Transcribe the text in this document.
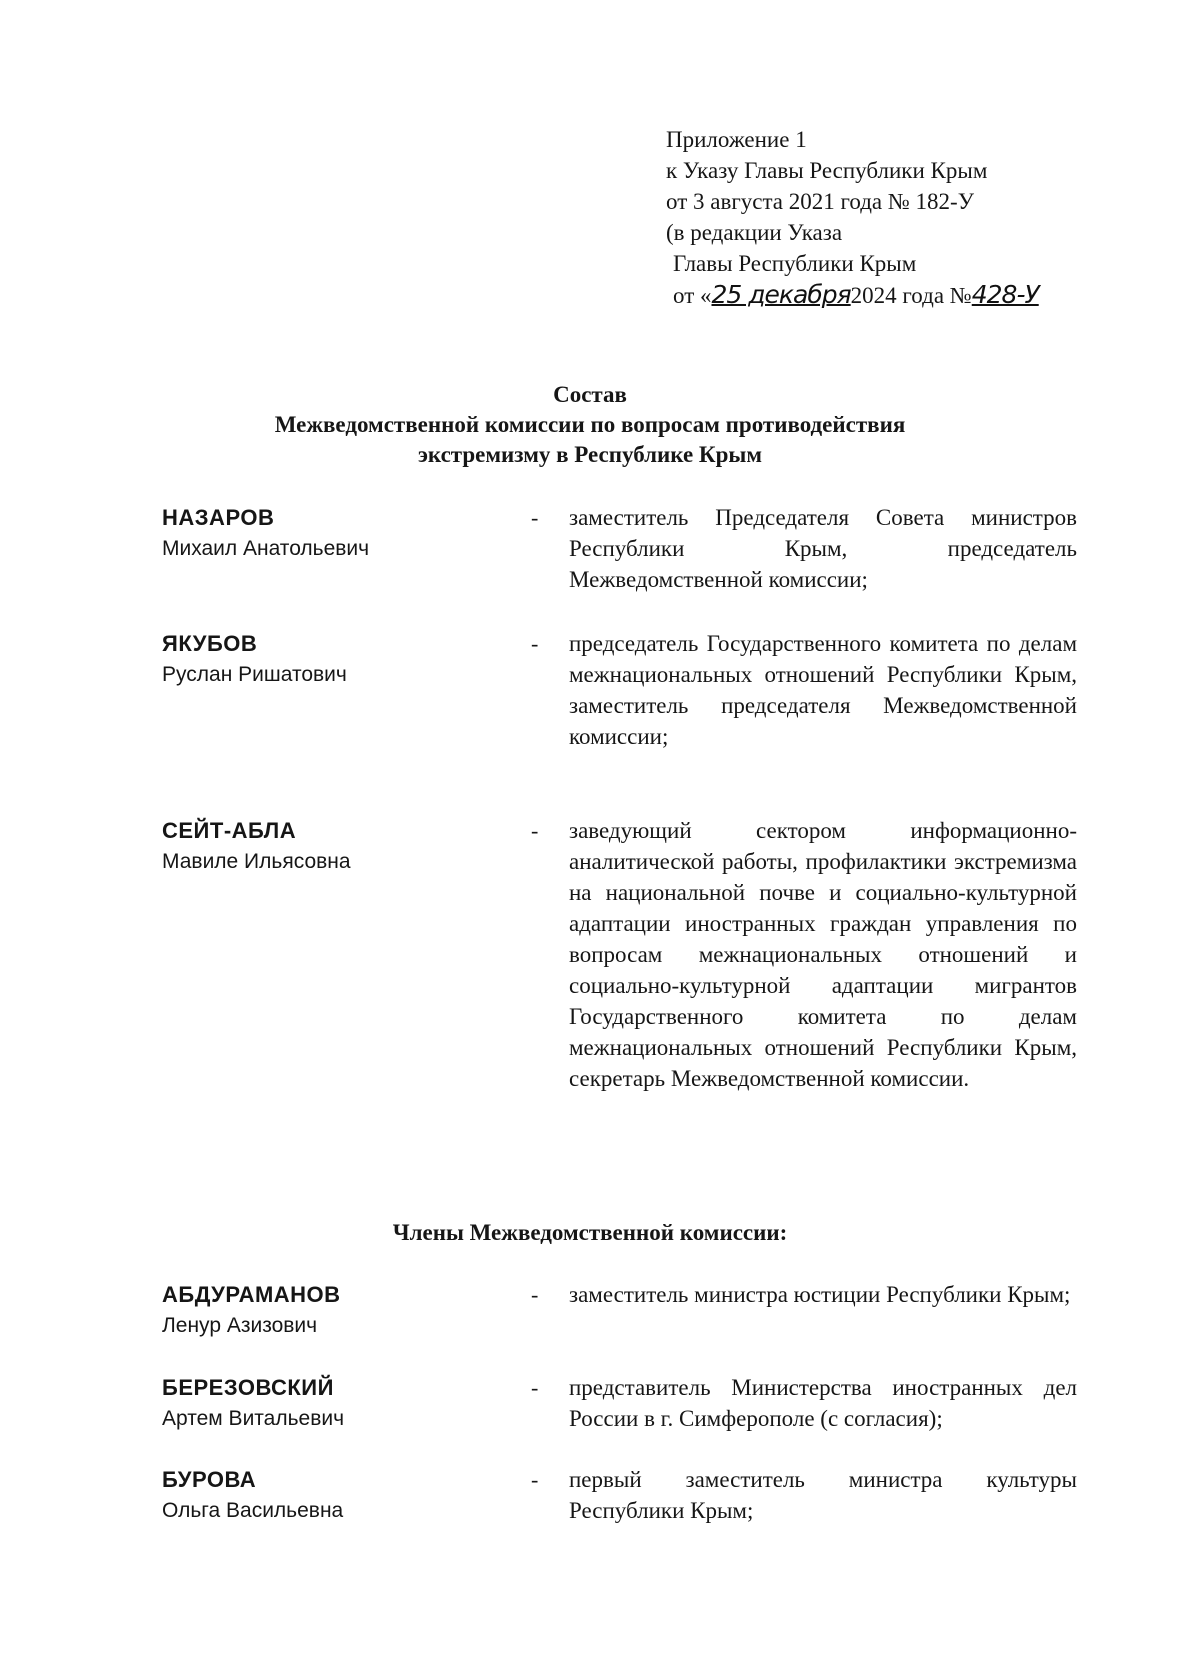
Приложение 1
к Указу Главы Республики Крым
от 3 августа 2021 года № 182-У
(в редакции Указа
Главы Республики Крым
от «25 декабря2024 года №428-У
Состав
Межведомственной комиссии по вопросам противодействия
экстремизму в Республике Крым
НАЗАРОВ
Михаил Анатольевич
- заместитель Председателя Совета министров Республики Крым, председатель Межведомственной комиссии;
ЯКУБОВ
Руслан Ришатович
- председатель Государственного комитета по делам межнациональных отношений Республики Крым, заместитель председателя Межведомственной комиссии;
СЕЙТ-АБЛА
Мавиле Ильясовна
- заведующий сектором информационно-аналитической работы, профилактики экстремизма на национальной почве и социально-культурной адаптации иностранных граждан управления по вопросам межнациональных отношений и социально-культурной адаптации мигрантов Государственного комитета по делам межнациональных отношений Республики Крым, секретарь Межведомственной комиссии.
Члены Межведомственной комиссии:
АБДУРАМАНОВ
Ленур Азизович
- заместитель министра юстиции Республики Крым;
БЕРЕЗОВСКИЙ
Артем Витальевич
- представитель Министерства иностранных дел России в г. Симферополе (с согласия);
БУРОВА
Ольга Васильевна
- первый заместитель министра культуры Республики Крым;
